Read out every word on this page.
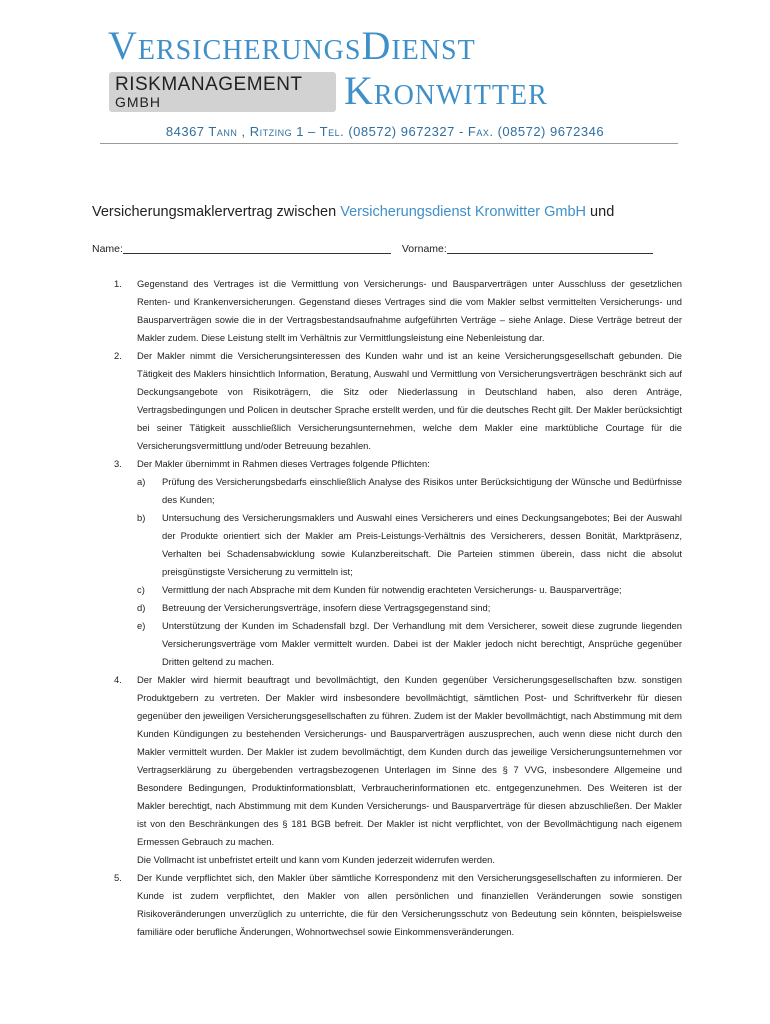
VersicherungsDienst
RISKMANAGEMENT
GMBH	Kronwitter
84367 Tann , Ritzing 1 – Tel. (08572) 9672327 - Fax. (08572) 9672346
Versicherungsmaklervertrag zwischen Versicherungsdienst Kronwitter GmbH und
Name:	Vorname:
1. Gegenstand des Vertrages ist die Vermittlung von Versicherungs- und Bausparverträgen unter Ausschluss der gesetzlichen Renten- und Krankenversicherungen. Gegenstand dieses Vertrages sind die vom Makler selbst vermittelten Versicherungs- und Bausparverträgen sowie die in der Vertragsbestandsaufnahme aufgeführten Verträge – siehe Anlage. Diese Verträge betreut der Makler zudem. Diese Leistung stellt im Verhältnis zur Vermittlungsleistung eine Nebenleistung dar.
2. Der Makler nimmt die Versicherungsinteressen des Kunden wahr und ist an keine Versicherungsgesellschaft gebunden. Die Tätigkeit des Maklers hinsichtlich Information, Beratung, Auswahl und Vermittlung von Versicherungsverträgen beschränkt sich auf Deckungsangebote von Risikoträgern, die Sitz oder Niederlassung in Deutschland haben, also deren Anträge, Vertragsbedingungen und Policen in deutscher Sprache erstellt werden, und für die deutsches Recht gilt. Der Makler berücksichtigt bei seiner Tätigkeit ausschließlich Versicherungsunternehmen, welche dem Makler eine marktübliche Courtage für die Versicherungsvermittlung und/oder Betreuung bezahlen.
3. Der Makler übernimmt in Rahmen dieses Vertrages folgende Pflichten:
a) Prüfung des Versicherungsbedarfs einschließlich Analyse des Risikos unter Berücksichtigung der Wünsche und Bedürfnisse des Kunden;
b) Untersuchung des Versicherungsmaklers und Auswahl eines Versicherers und eines Deckungsangebotes; Bei der Auswahl der Produkte orientiert sich der Makler am Preis-Leistungs-Verhältnis des Versicherers, dessen Bonität, Marktpräsenz, Verhalten bei Schadensabwicklung sowie Kulanzbereitschaft. Die Parteien stimmen überein, dass nicht die absolut preisgünstigste Versicherung zu vermitteln ist;
c) Vermittlung der nach Absprache mit dem Kunden für notwendig erachteten Versicherungs- u. Bausparverträge;
d) Betreuung der Versicherungsverträge, insofern diese Vertragsgegenstand sind;
e) Unterstützung der Kunden im Schadensfall bzgl. Der Verhandlung mit dem Versicherer, soweit diese zugrunde liegenden Versicherungsverträge vom Makler vermittelt wurden. Dabei ist der Makler jedoch nicht berechtigt, Ansprüche gegenüber Dritten geltend zu machen.
4. Der Makler wird hiermit beauftragt und bevollmächtigt, den Kunden gegenüber Versicherungsgesellschaften bzw. sonstigen Produktgebern zu vertreten. Der Makler wird insbesondere bevollmächtigt, sämtlichen Post- und Schriftverkehr für diesen gegenüber den jeweiligen Versicherungsgesellschaften zu führen. Zudem ist der Makler bevollmächtigt, nach Abstimmung mit dem Kunden Kündigungen zu bestehenden Versicherungs- und Bausparverträgen auszusprechen, auch wenn diese nicht durch den Makler vermittelt wurden. Der Makler ist zudem bevollmächtigt, dem Kunden durch das jeweilige Versicherungsunternehmen vor Vertragserklärung zu übergebenden vertragsbezogenen Unterlagen im Sinne des § 7 VVG, insbesondere Allgemeine und Besondere Bedingungen, Produktinformationsblatt, Verbraucherinformationen etc. entgegenzunehmen. Des Weiteren ist der Makler berechtigt, nach Abstimmung mit dem Kunden Versicherungs- und Bausparverträge für diesen abzuschließen. Der Makler ist von den Beschränkungen des § 181 BGB befreit. Der Makler ist nicht verpflichtet, von der Bevollmächtigung nach eigenem Ermessen Gebrauch zu machen.
Die Vollmacht ist unbefristet erteilt und kann vom Kunden jederzeit widerrufen werden.
5. Der Kunde verpflichtet sich, den Makler über sämtliche Korrespondenz mit den Versicherungsgesellschaften zu informieren. Der Kunde ist zudem verpflichtet, den Makler von allen persönlichen und finanziellen Veränderungen sowie sonstigen Risikoveränderungen unverzüglich zu unterrichte, die für den Versicherungsschutz von Bedeutung sein könnten, beispielsweise familiäre oder berufliche Änderungen, Wohnortwechsel sowie Einkommensveränderungen.
